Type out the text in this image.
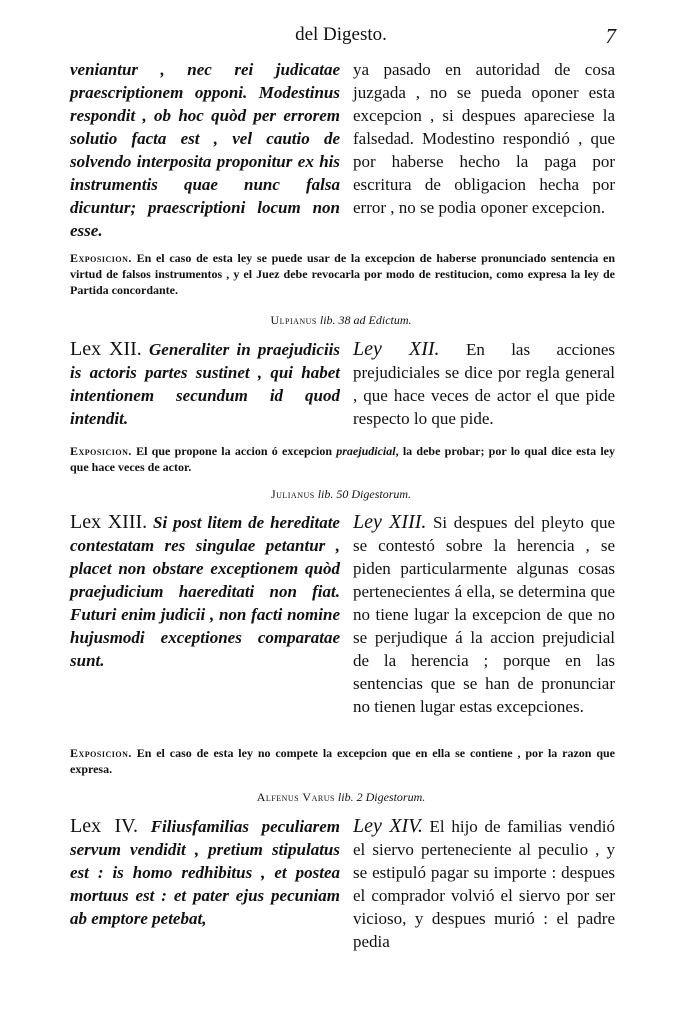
del Digesto.	7

veniantur , nec rei judicatae praescriptionem opponi. Modestinus respondit , ob hoc quòd per errorem solutio facta est , vel cautio de solvendo interposita proponitur ex his instrumentis quae nunc falsa dicuntur; praescriptioni locum non esse.

ya pasado en autoridad de cosa juzgada , no se pueda oponer esta excepcion , si despues apareciese la falsedad. Modestino respondió , que por haberse hecho la paga por escritura de obligacion hecha por error , no se podia oponer excepcion.

Exposicion. En el caso de esta ley se puede usar de la excepcion de haberse pronunciado sentencia en virtud de falsos instrumentos , y el Juez debe revocarla por modo de restitucion, como expresa la ley de Partida concordante.
Ulpianus lib. 38 ad Edictum.

Lex XII. Generaliter in praejudiciis is actoris partes sustinet , qui habet intentionem secundum id quod intendit.

Ley XII. En las acciones prejudiciales se dice por regla general , que hace veces de actor el que pide respecto lo que pide.

Exposicion. El que propone la accion ó excepcion praejudicial, la debe probar; por lo qual dice esta ley que hace veces de actor.
Julianus lib. 50 Digestorum.

Lex XIII. Si post litem de hereditate contestatam res singulae petantur , placet non obstare exceptionem quòd praejudicium haereditati non fiat. Futuri enim judicii , non facti nomine hujusmodi exceptiones comparatae sunt.

Ley XIII. Si despues del pleyto que se contestó sobre la herencia , se piden particularmente algunas cosas pertenecientes á ella, se determina que no tiene lugar la excepcion de que no se perjudique á la accion prejudicial de la herencia ; porque en las sentencias que se han de pronunciar no tienen lugar estas excepciones.

Exposicion. En el caso de esta ley no compete la excepcion que en ella se contiene , por la razon que expresa.
Alfenus Varus lib. 2 Digestorum.

Lex IV. Filiusfamilias peculiarem servum vendidit , pretium stipulatus est : is homo redhibitus , et postea mortuus est : et pater ejus pecuniam ab emptore petebat,

Ley XIV. El hijo de familias vendió el siervo perteneciente al peculio , y se estipuló pagar su importe : despues el comprador volvió el siervo por ser vicioso, y despues murió : el padre pedia
